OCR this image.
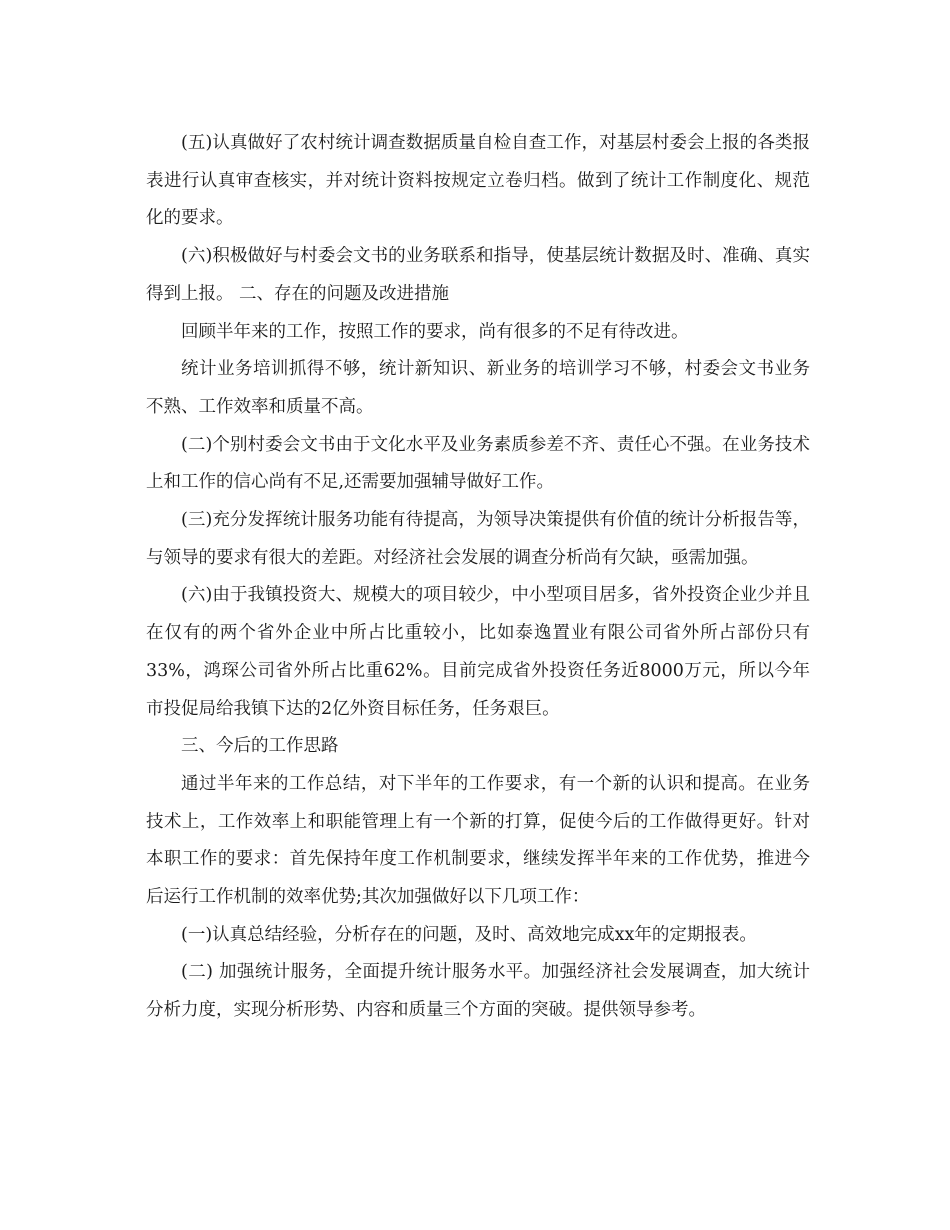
(五)认真做好了农村统计调查数据质量自检自查工作，对基层村委会上报的各类报表进行认真审查核实，并对统计资料按规定立卷归档。做到了统计工作制度化、规范化的要求。

(六)积极做好与村委会文书的业务联系和指导，使基层统计数据及时、准确、真实得到上报。 二、存在的问题及改进措施

回顾半年来的工作，按照工作的要求，尚有很多的不足有待改进。

统计业务培训抓得不够，统计新知识、新业务的培训学习不够，村委会文书业务不熟、工作效率和质量不高。

(二)个别村委会文书由于文化水平及业务素质参差不齐、责任心不强。在业务技术上和工作的信心尚有不足,还需要加强辅导做好工作。

(三)充分发挥统计服务功能有待提高，为领导决策提供有价值的统计分析报告等，与领导的要求有很大的差距。对经济社会发展的调查分析尚有欠缺，亟需加强。

(六)由于我镇投资大、规模大的项目较少，中小型项目居多，省外投资企业少并且在仅有的两个省外企业中所占比重较小，比如泰逸置业有限公司省外所占部份只有33%，鸿琛公司省外所占比重62%。目前完成省外投资任务近8000万元，所以今年市投促局给我镇下达的2亿外资目标任务，任务艰巨。

三、今后的工作思路

通过半年来的工作总结，对下半年的工作要求，有一个新的认识和提高。在业务技术上，工作效率上和职能管理上有一个新的打算，促使今后的工作做得更好。针对本职工作的要求：首先保持年度工作机制要求，继续发挥半年来的工作优势，推进今后运行工作机制的效率优势;其次加强做好以下几项工作：

(一)认真总结经验，分析存在的问题，及时、高效地完成xx年的定期报表。

(二) 加强统计服务，全面提升统计服务水平。加强经济社会发展调查，加大统计分析力度，实现分析形势、内容和质量三个方面的突破。提供领导参考。
